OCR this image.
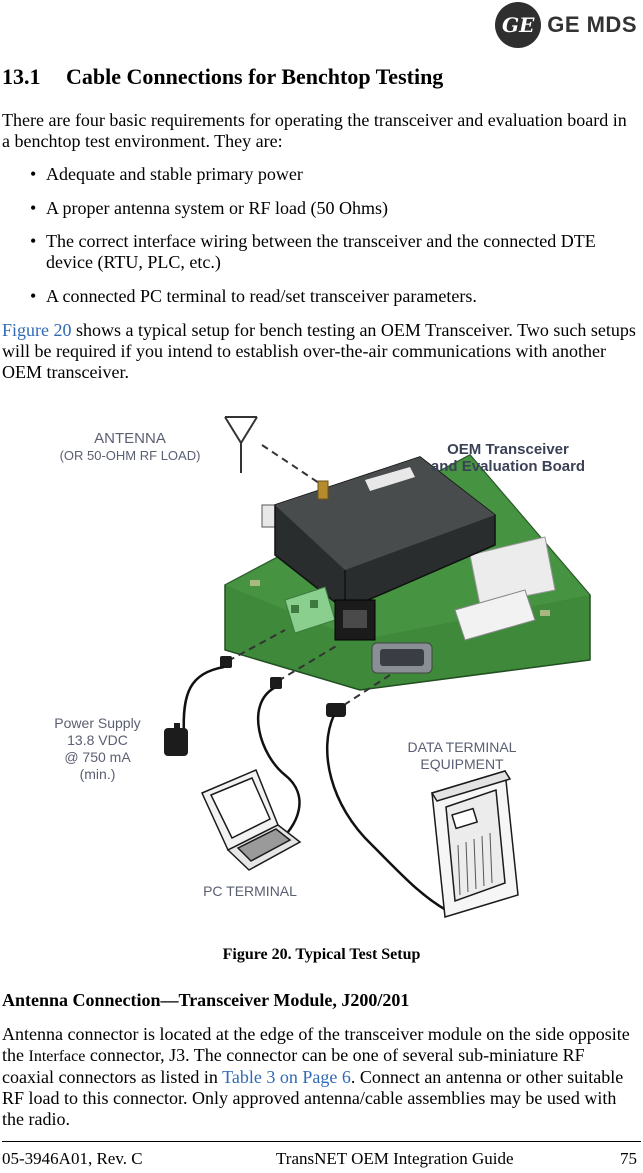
GE GE MDS
13.1 Cable Connections for Benchtop Testing
There are four basic requirements for operating the transceiver and evaluation board in a benchtop test environment. They are:
• Adequate and stable primary power
• A proper antenna system or RF load (50 Ohms)
• The correct interface wiring between the transceiver and the connected DTE device (RTU, PLC, etc.)
• A connected PC terminal to read/set transceiver parameters.
Figure 20 shows a typical setup for bench testing an OEM Transceiver. Two such setups will be required if you intend to establish over-the-air communications with another OEM transceiver.
ANTENNA
(OR 50-OHM RF LOAD)	OEM Transceiver
and Evaluation Board
Power Supply
13.8 VDC
@ 750 mA
(min.)
DATA TERMINAL
EQUIPMENT
PC TERMINAL
Figure 20. Typical Test Setup
Antenna Connection—Transceiver Module, J200/201
Antenna connector is located at the edge of the transceiver module on the side opposite the Interface connector, J3. The connector can be one of several sub-miniature RF coaxial connectors as listed in Table 3 on Page 6. Connect an antenna or other suitable RF load to this connector. Only approved antenna/cable assemblies may be used with the radio.
05-3946A01, Rev. C	TransNET OEM Integration Guide	75
